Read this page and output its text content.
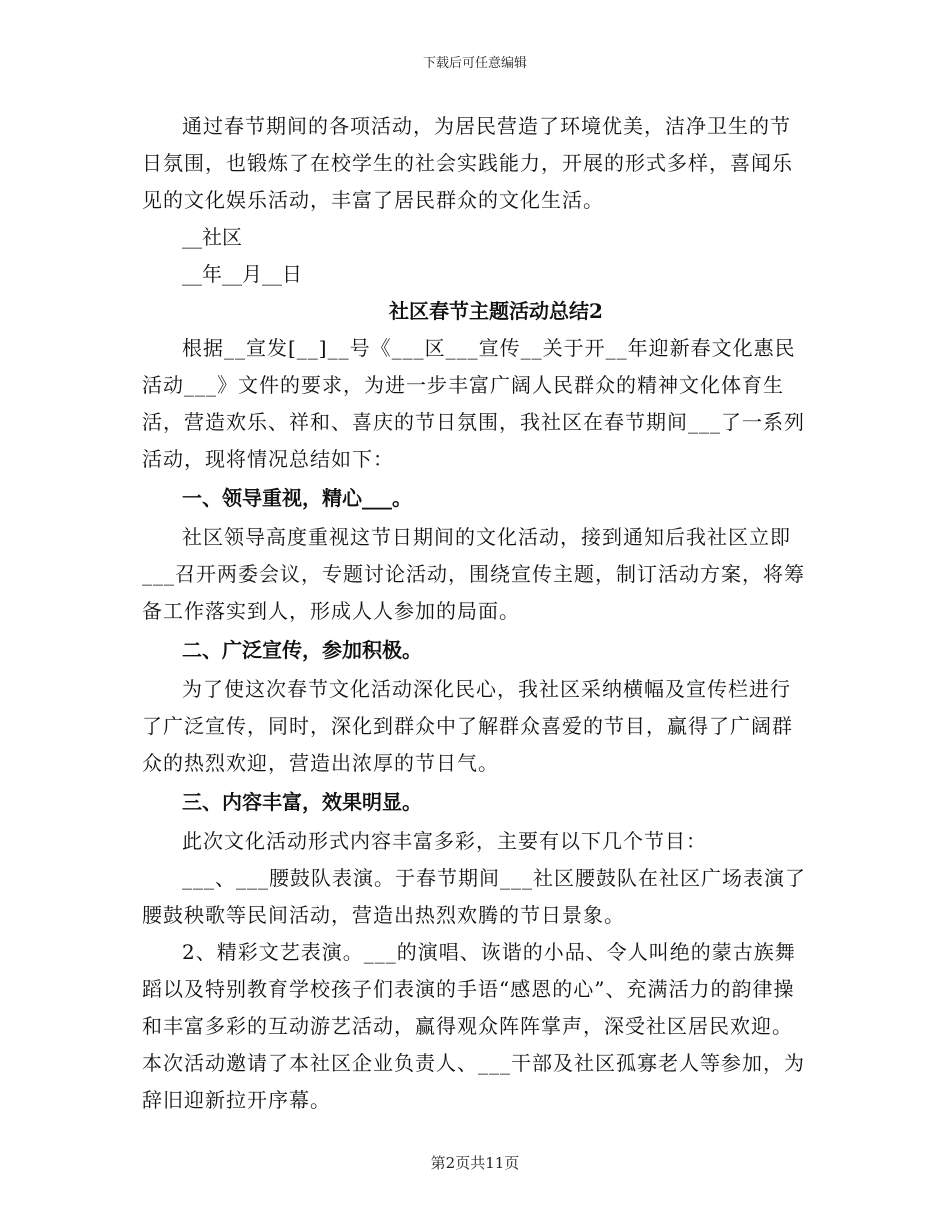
下载后可任意编辑

通过春节期间的各项活动，为居民营造了环境优美，洁净卫生的节日氛围，也锻炼了在校学生的社会实践能力，开展的形式多样，喜闻乐见的文化娱乐活动，丰富了居民群众的文化生活。

__社区

__年__月__日

社区春节主题活动总结2

根据__宣发[__]__号《___区___宣传__关于开__年迎新春文化惠民活动___》文件的要求，为进一步丰富广阔人民群众的精神文化体育生活，营造欢乐、祥和、喜庆的节日氛围，我社区在春节期间___了一系列活动，现将情况总结如下：

一、领导重视，精心___。

社区领导高度重视这节日期间的文化活动，接到通知后我社区立即___召开两委会议，专题讨论活动，围绕宣传主题，制订活动方案，将筹备工作落实到人，形成人人参加的局面。

二、广泛宣传，参加积极。

为了使这次春节文化活动深化民心，我社区采纳横幅及宣传栏进行了广泛宣传，同时，深化到群众中了解群众喜爱的节目，赢得了广阔群众的热烈欢迎，营造出浓厚的节日气。

三、内容丰富，效果明显。

此次文化活动形式内容丰富多彩，主要有以下几个节目：

___、___腰鼓队表演。于春节期间___社区腰鼓队在社区广场表演了腰鼓秧歌等民间活动，营造出热烈欢腾的节日景象。

2、精彩文艺表演。___的演唱、诙谐的小品、令人叫绝的蒙古族舞蹈以及特别教育学校孩子们表演的手语“感恩的心”、充满活力的韵律操和丰富多彩的互动游艺活动，赢得观众阵阵掌声，深受社区居民欢迎。本次活动邀请了本社区企业负责人、___干部及社区孤寡老人等参加，为辞旧迎新拉开序幕。

第2页共11页
